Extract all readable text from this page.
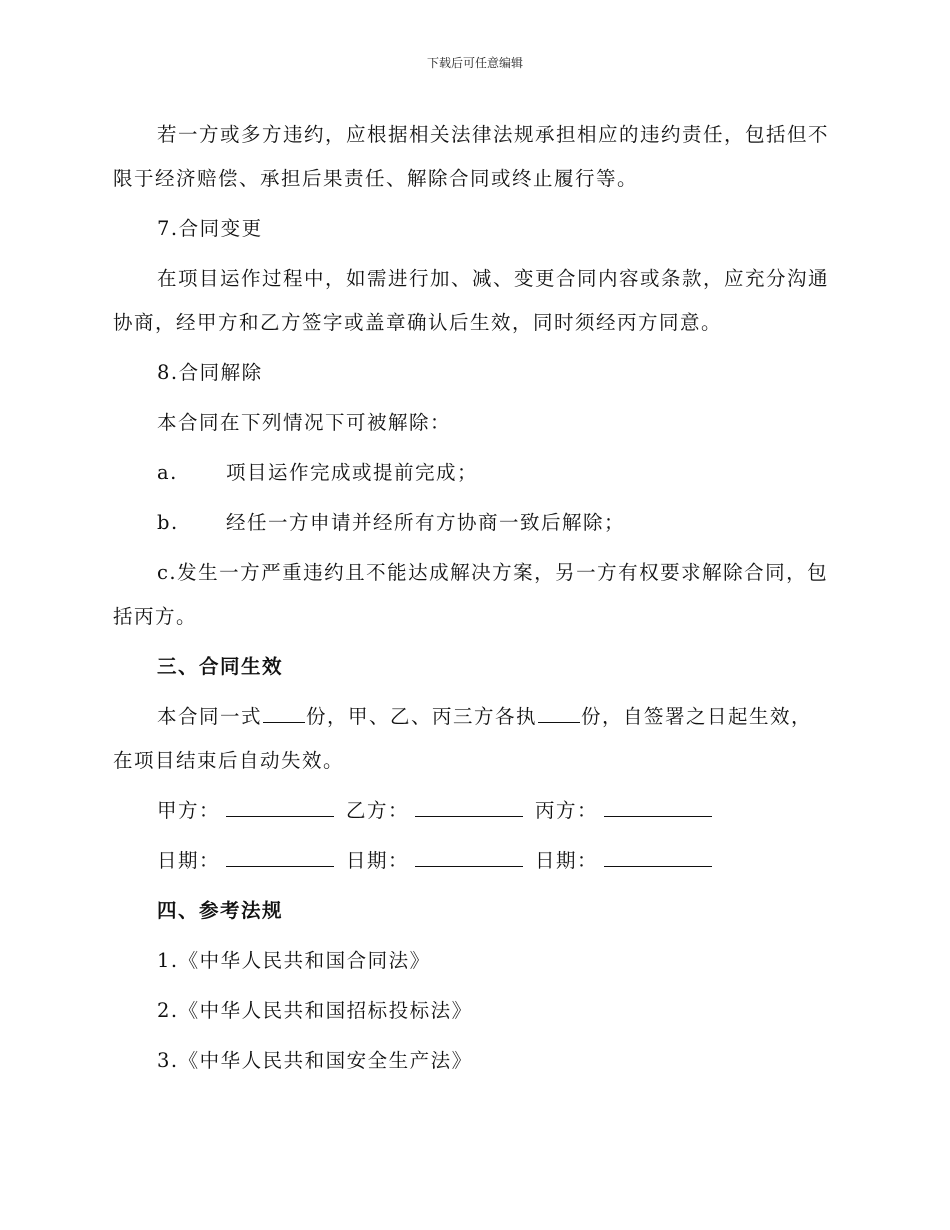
下载后可任意编辑

若一方或多方违约，应根据相关法律法规承担相应的违约责任，包括但不限于经济赔偿、承担后果责任、解除合同或终止履行等。

7.合同变更

在项目运作过程中，如需进行加、减、变更合同内容或条款，应充分沟通协商，经甲方和乙方签字或盖章确认后生效，同时须经丙方同意。

8.合同解除

本合同在下列情况下可被解除：

a.	项目运作完成或提前完成；
b.	经任一方申请并经所有方协商一致后解除；

c.发生一方严重违约且不能达成解决方案，另一方有权要求解除合同，包括丙方。

三、合同生效

本合同一式 份，甲、乙、丙三方各执 份，自签署之日起生效，在项目结束后自动失效。

甲方：	乙方：	丙方：
日期：	日期：	日期：

四、参考法规

1.《中华人民共和国合同法》

2.《中华人民共和国招标投标法》

3.《中华人民共和国安全生产法》
